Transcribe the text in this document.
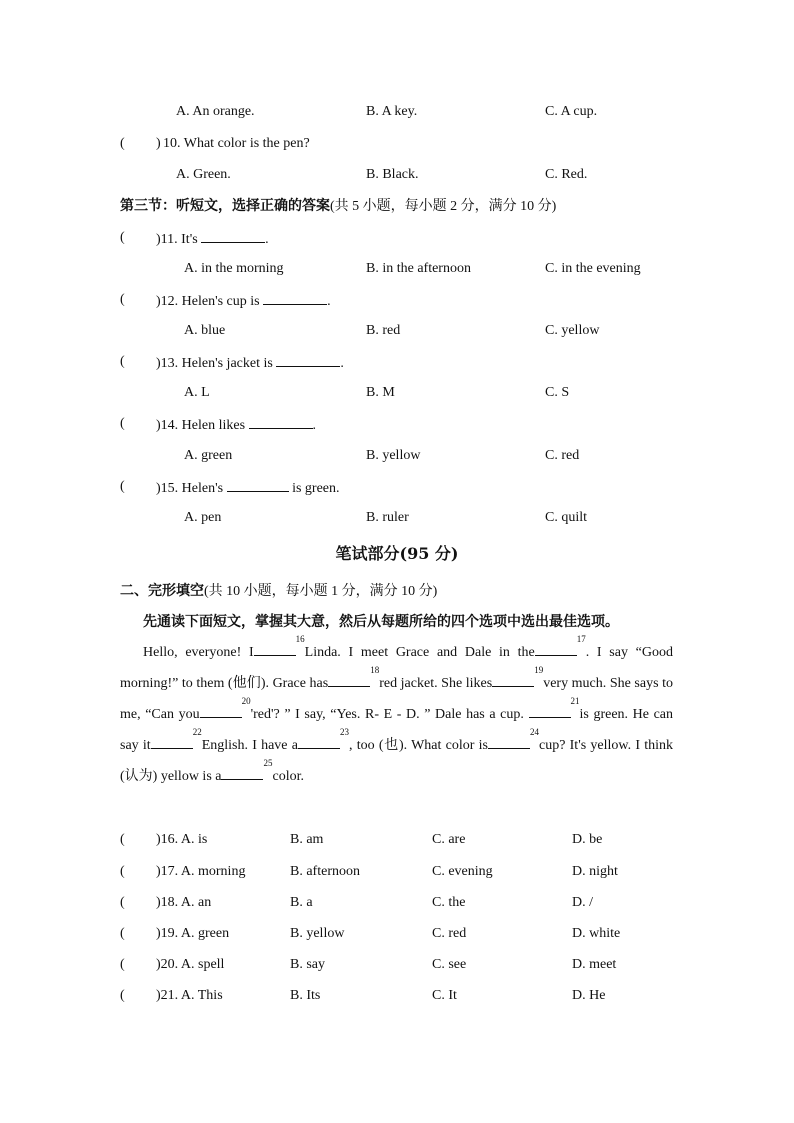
A. An orange.	B. A key.	C. A cup.
( ) 10. What color is the pen?
A. Green.	B. Black.	C. Red.
第三节：听短文，选择正确的答案(共 5 小题，每小题 2 分，满分 10 分)
( )11. It's	.
A. in the morning	B. in the afternoon	C. in the evening
( )12. Helen's cup is	.
A. blue	B. red	C. yellow
( )13. Helen's jacket is	.
A. L	B. M	C. S
( )14. Helen likes	.
A. green	B. yellow	C. red
( )15. Helen's	is green.
A. pen	B. ruler	C. quilt
笔试部分(95 分)
二、完形填空(共 10 小题，每小题 1 分，满分 10 分)
先通读下面短文，掌握其大意，然后从每题所给的四个选项中选出最佳选项。
Hello, everyone! $I^{16}Linda$. I meet Grace and Dale in the$^{17}$. I say “Good morning!” to them (他们). Grace has$^{18}$red jacket. She likes$^{19}$very much. She says to me, “Can you$^{20}$'red'? ” I say, “Yes. R- E - D. ” Dale has a cup. $^{21}$is green. He can say $it^{22}English$. I have $a^{23}$, too (也). What color $is^{24}cup$? It's yellow. I think (认为) yellow is $a^{25}color$.
( )16. A. is	B. am	C. are	D. be
( )17. A. morning	B. afternoon	C. evening	D. night
( )18. A. an	B. a	C. the	D. /
( )19. A. green	B. yellow	C. red	D. white
( )20. A. spell	B. say	C. see	D. meet
( )21. A. This	B. Its	C. It	D. He
